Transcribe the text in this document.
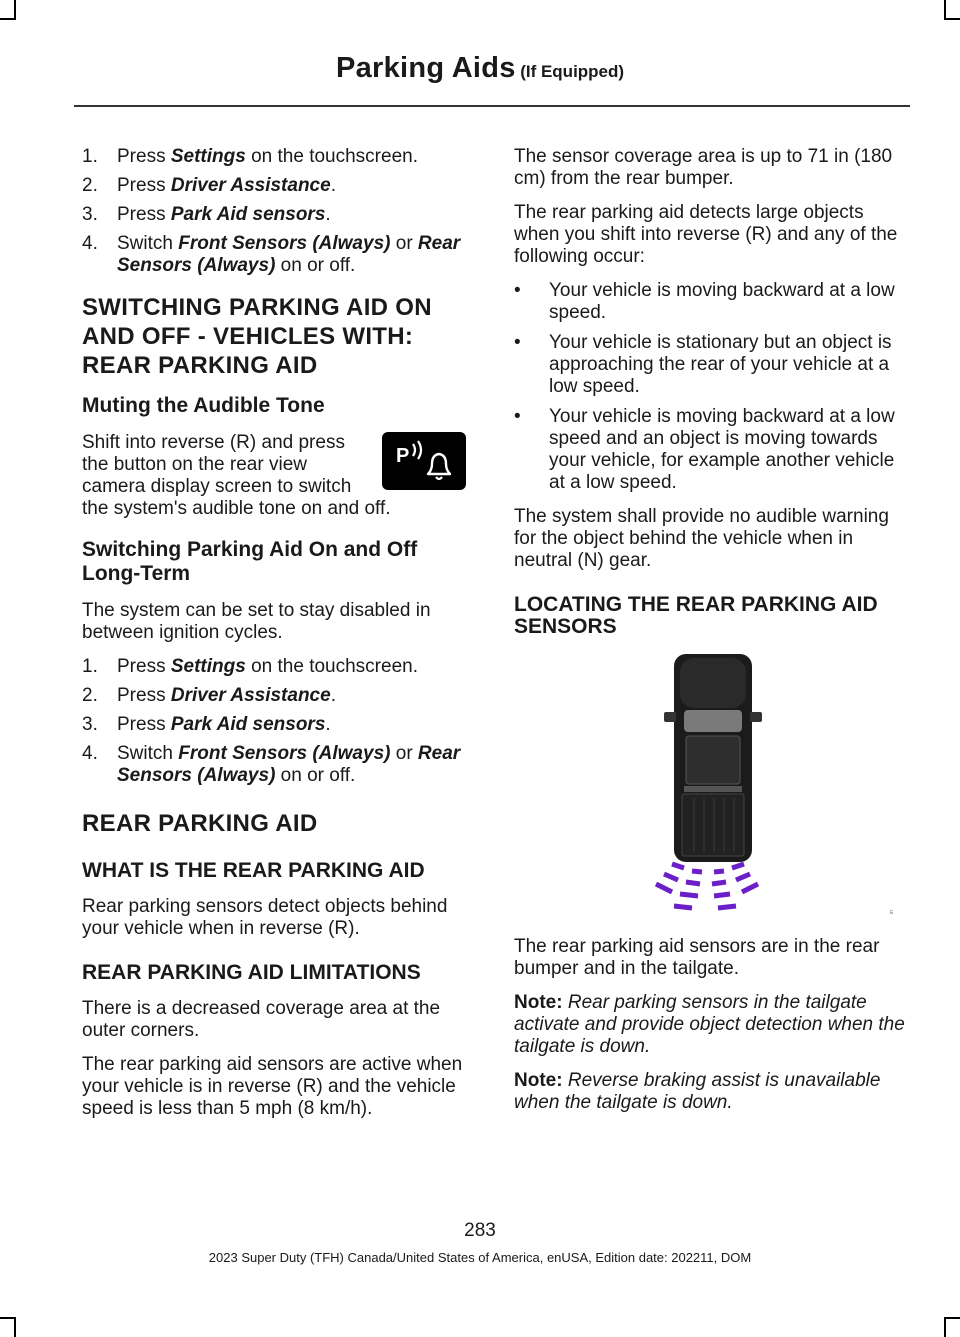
Parking Aids (If Equipped)
1. Press Settings on the touchscreen.
2. Press Driver Assistance.
3. Press Park Aid sensors.
4. Switch Front Sensors (Always) or Rear Sensors (Always) on or off.
SWITCHING PARKING AID ON AND OFF - VEHICLES WITH: REAR PARKING AID
Muting the Audible Tone

P
Shift into reverse (R) and press the button on the rear view camera display screen to switch the system's audible tone on and off.

Switching Parking Aid On and Off Long-Term

The system can be set to stay disabled in between ignition cycles.

1. Press Settings on the touchscreen.
2. Press Driver Assistance.
3. Press Park Aid sensors.
4. Switch Front Sensors (Always) or Rear Sensors (Always) on or off.
REAR PARKING AID
WHAT IS THE REAR PARKING AID

Rear parking sensors detect objects behind your vehicle when in reverse (R).

REAR PARKING AID LIMITATIONS

There is a decreased coverage area at the outer corners.

The rear parking aid sensors are active when your vehicle is in reverse (R) and the vehicle speed is less than 5 mph (8 km/h).

The sensor coverage area is up to 71 in (180 cm) from the rear bumper.

The rear parking aid detects large objects when you shift into reverse (R) and any of the following occur:

• Your vehicle is moving backward at a low speed.
• Your vehicle is stationary but an object is approaching the rear of your vehicle at a low speed.
• Your vehicle is moving backward at a low speed and an object is moving towards your vehicle, for example another vehicle at a low speed.

The system shall provide no audible warning for the object behind the vehicle when in neutral (N) gear.

LOCATING THE REAR PARKING AID SENSORS
E

The rear parking aid sensors are in the rear bumper and in the tailgate.

Note: Rear parking sensors in the tailgate activate and provide object detection when the tailgate is down.

Note: Reverse braking assist is unavailable when the tailgate is down.

283
2023 Super Duty (TFH) Canada/United States of America, enUSA, Edition date: 202211, DOM
